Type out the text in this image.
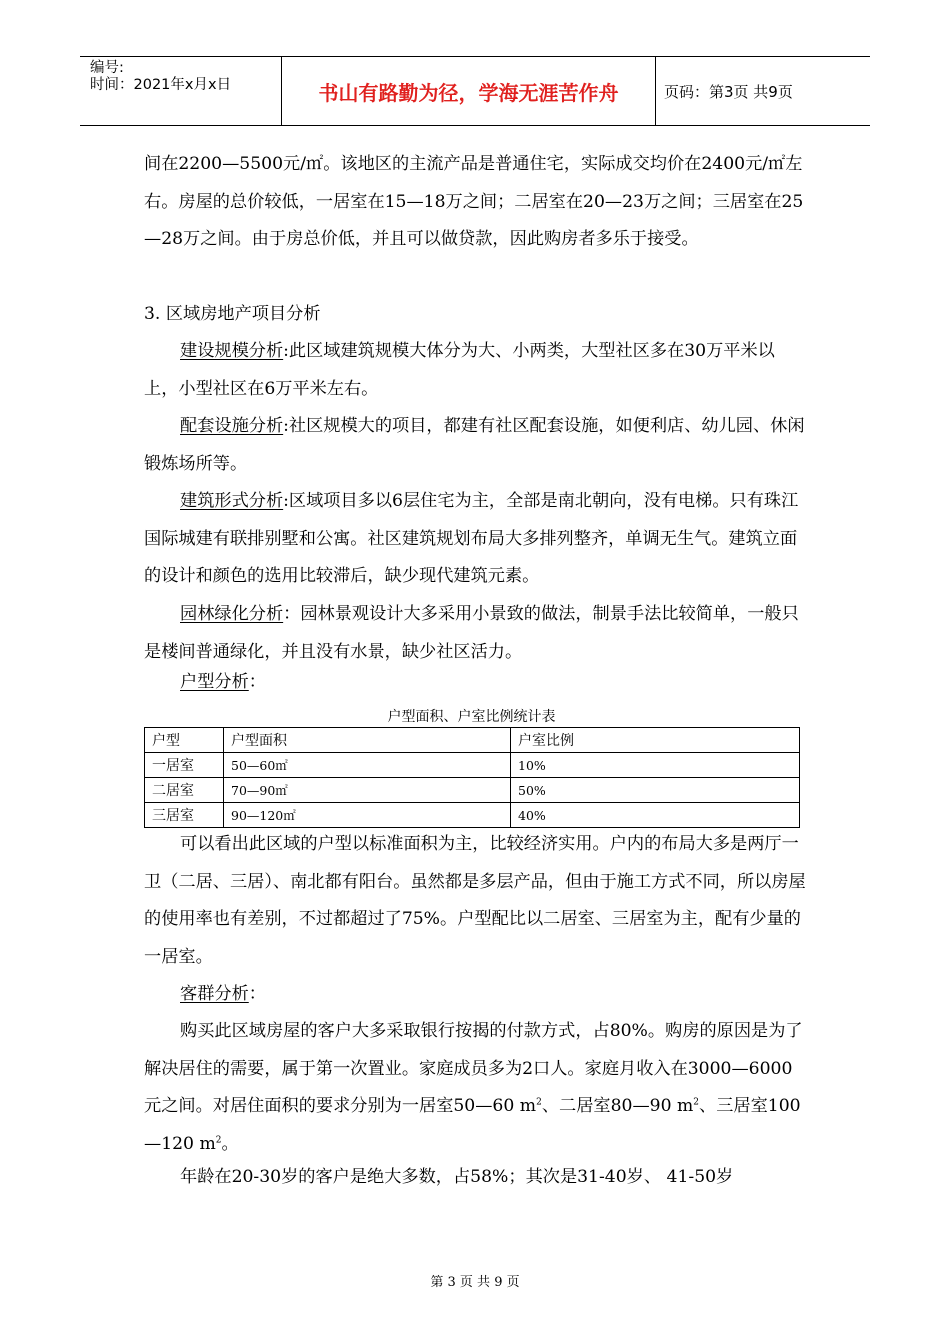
编号:
时间：2021年x月x日	书山有路勤为径，学海无涯苦作舟	页码：第3页 共9页
间在2200—5500元/㎡。该地区的主流产品是普通住宅，实际成交均价在2400元/㎡左右。房屋的总价较低，一居室在15—18万之间；二居室在20—23万之间；三居室在25—28万之间。由于房总价低，并且可以做贷款，因此购房者多乐于接受。
3. 区域房地产项目分析
建设规模分析:此区域建筑规模大体分为大、小两类，大型社区多在30万平米以上，小型社区在6万平米左右。
配套设施分析:社区规模大的项目，都建有社区配套设施，如便利店、幼儿园、休闲锻炼场所等。
建筑形式分析:区域项目多以6层住宅为主，全部是南北朝向，没有电梯。只有珠江国际城建有联排别墅和公寓。社区建筑规划布局大多排列整齐，单调无生气。建筑立面的设计和颜色的选用比较滞后，缺少现代建筑元素。
园林绿化分析：园林景观设计大多采用小景致的做法，制景手法比较简单，一般只是楼间普通绿化，并且没有水景，缺少社区活力。
户型分析：
户型面积、户室比例统计表
户型	户型面积	户室比例
一居室	50—60㎡	10%
二居室	70—90㎡	50%
三居室	90—120㎡	40%
可以看出此区域的户型以标准面积为主，比较经济实用。户内的布局大多是两厅一卫（二居、三居）、南北都有阳台。虽然都是多层产品，但由于施工方式不同，所以房屋的使用率也有差别，不过都超过了75%。户型配比以二居室、三居室为主，配有少量的一居室。
客群分析：
购买此区域房屋的客户大多采取银行按揭的付款方式，占80%。购房的原因是为了解决居住的需要，属于第一次置业。家庭成员多为2口人。家庭月收入在3000—6000元之间。对居住面积的要求分别为一居室50—60 $m^2$、二居室80—90 $m^2$、三居室100—120 $m^2$。
年龄在20-30岁的客户是绝大多数，占58%；其次是31-40岁、 41-50岁
第 3 页 共 9 页
